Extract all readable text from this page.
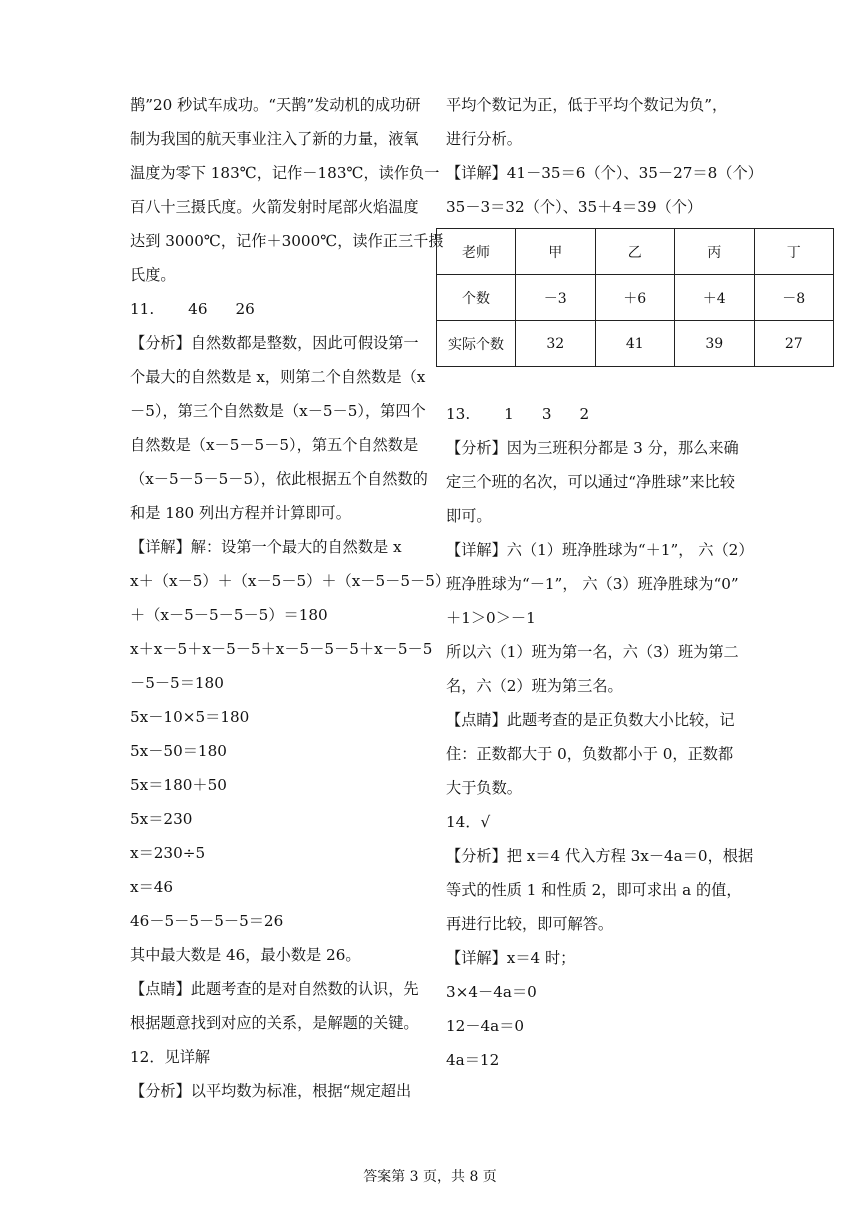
鹊”20 秒试车成功。“天鹊”发动机的成功研
制为我国的航天事业注入了新的力量，液氧
温度为零下 183℃，记作－183℃，读作负一
百八十三摄氏度。火箭发射时尾部火焰温度
达到 3000℃，记作＋3000℃，读作正三千摄
氏度。
11. 46 26
【分析】自然数都是整数，因此可假设第一
个最大的自然数是 x，则第二个自然数是（x
－5），第三个自然数是（x－5－5），第四个
自然数是（x－5－5－5），第五个自然数是
（x－5－5－5－5），依此根据五个自然数的
和是 180 列出方程并计算即可。
【详解】解：设第一个最大的自然数是 x
x＋（x－5）＋（x－5－5）＋（x－5－5－5）
＋（x－5－5－5－5）＝180
x＋x－5＋x－5－5＋x－5－5－5＋x－5－5
－5－5＝180
5x－10×5＝180
5x－50＝180
5x＝180＋50
5x＝230
x＝230÷5
x＝46
46－5－5－5－5＝26
其中最大数是 46，最小数是 26。
【点睛】此题考查的是对自然数的认识，先
根据题意找到对应的关系，是解题的关键。
12．见详解
【分析】以平均数为标准，根据“规定超出
平均个数记为正，低于平均个数记为负”，
进行分析。
【详解】41－35＝6（个）、35－27＝8（个）
35－3＝32（个）、35＋4＝39（个）
老师	甲	乙	丙	丁
个数	－3	＋6	＋4	－8
实际个数	32	41	39	27
13. 1 3 2
【分析】因为三班积分都是 3 分，那么来确
定三个班的名次，可以通过“净胜球”来比较
即可。
【详解】六（1）班净胜球为“＋1”， 六（2）
班净胜球为“－1”， 六（3）班净胜球为“0”
＋1＞0＞－1
所以六（1）班为第一名，六（3）班为第二
名，六（2）班为第三名。
【点睛】此题考查的是正负数大小比较，记
住：正数都大于 0，负数都小于 0，正数都
大于负数。
14．√
【分析】把 x＝4 代入方程 3x－4a＝0，根据
等式的性质 1 和性质 2，即可求出 a 的值，
再进行比较，即可解答。
【详解】x＝4 时；
3×4－4a＝0
12－4a＝0
4a＝12
答案第 3 页，共 8 页
